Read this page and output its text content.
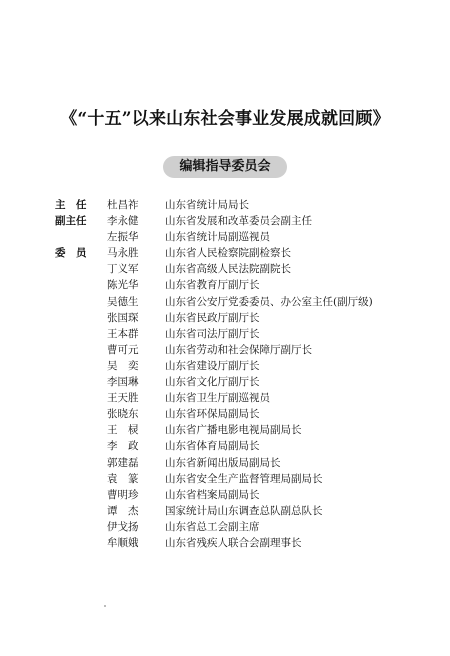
《“十五”以来山东社会事业发展成就回顾》
编辑指导委员会
主　任	杜昌祚	山东省统计局局长
副主任	李永健	山东省发展和改革委员会副主任
左振华	山东省统计局副巡视员
委　员	马永胜	山东省人民检察院副检察长
丁义军	山东省高级人民法院副院长
陈光华	山东省教育厅副厅长
吴德生	山东省公安厅党委委员、办公室主任(副厅级)
张国琛	山东省民政厅副厅长
王本群	山东省司法厅副厅长
曹可元	山东省劳动和社会保障厅副厅长
吴　奕	山东省建设厅副厅长
李国琳	山东省文化厅副厅长
王天胜	山东省卫生厅副巡视员
张晓东	山东省环保局副局长
王　棂	山东省广播电影电视局副局长
李　政	山东省体育局副局长
郭建磊	山东省新闻出版局副局长
袁　篆	山东省安全生产监督管理局副局长
曹明珍	山东省档案局副局长
谭　杰	国家统计局山东调查总队副总队长
伊戈扬	山东省总工会副主席
牟顺娥	山东省残疾人联合会副理事长
